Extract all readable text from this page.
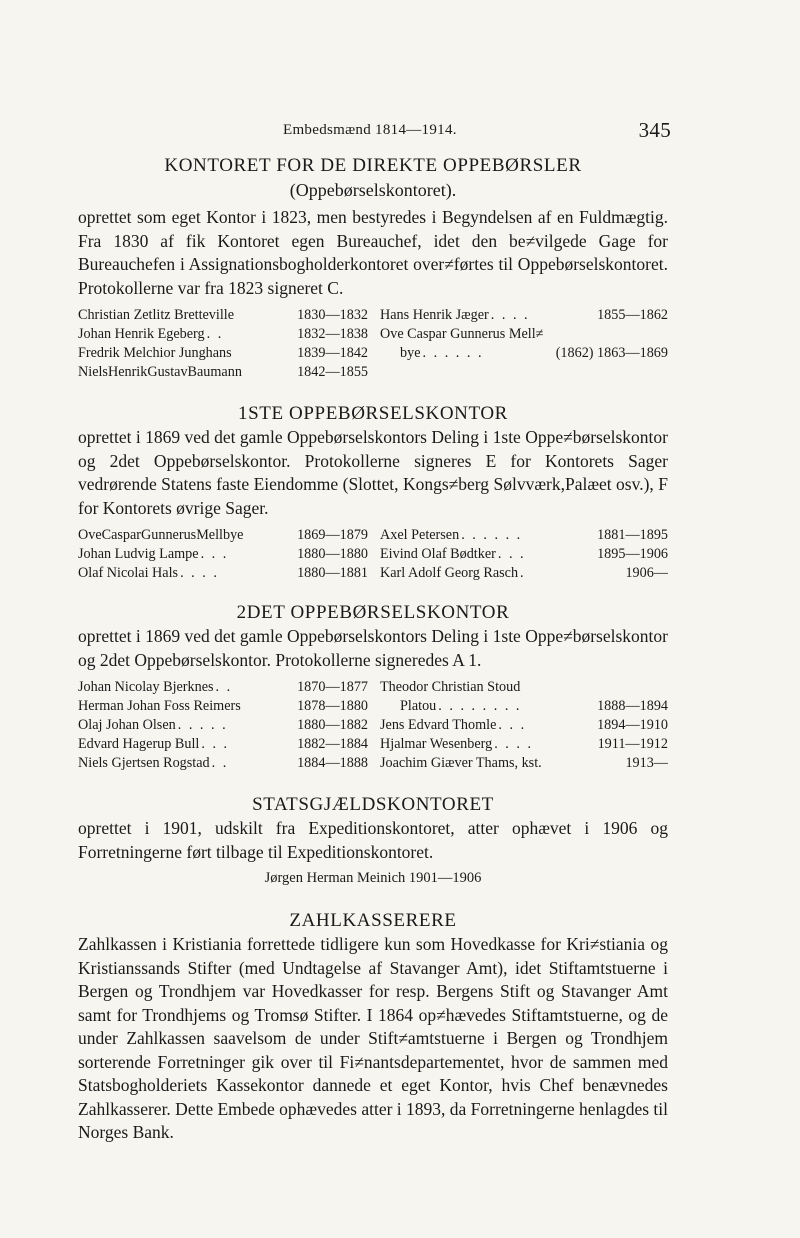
Embedsmænd 1814—1914.	345
KONTORET FOR DE DIREKTE OPPEBØRSLER
(Oppebørselskontoret).

oprettet som eget Kontor i 1823, men bestyredes i Begyndelsen af en Fuldmægtig. Fra 1830 af fik Kontoret egen Bureauchef, idet den be≠vilgede Gage for Bureauchefen i Assignationsbogholderkontoret over≠førtes til Oppebørselskontoret. Protokollerne var fra 1823 signeret C.

Christian Zetlitz Bretteville	1830—1832
Johan Henrik Egeberg . .	1832—1838
Fredrik Melchior Junghans	1839—1842
NielsHenrikGustavBaumann	1842—1855
Hans Henrik Jæger . . . .	1855—1862
Ove Caspar Gunnerus Mell≠
bye . . . . . .	(1862) 1863—1869
1STE OPPEBØRSELSKONTOR

oprettet i 1869 ved det gamle Oppebørselskontors Deling i 1ste Oppe≠børselskontor og 2det Oppebørselskontor. Protokollerne signeres E for Kontorets Sager vedrørende Statens faste Eiendomme (Slottet, Kongs≠berg Sølvværk,Palæet osv.), F for Kontorets øvrige Sager.

OveCasparGunnerusMellbye	1869—1879
Johan Ludvig Lampe . . .	1880—1880
Olaf Nicolai Hals . . . .	1880—1881
Axel Petersen . . . . . .	1881—1895
Eivind Olaf Bødtker . . .	1895—1906
Karl Adolf Georg Rasch .	1906—
2DET OPPEBØRSELSKONTOR

oprettet i 1869 ved det gamle Oppebørselskontors Deling i 1ste Oppe≠børselskontor og 2det Oppebørselskontor. Protokollerne signeredes A 1.

Johan Nicolay Bjerknes . .	1870—1877
Herman Johan Foss Reimers	1878—1880
Olaj Johan Olsen . . . . .	1880—1882
Edvard Hagerup Bull . . .	1882—1884
Niels Gjertsen Rogstad . .	1884—1888
Theodor Christian Stoud
Platou . . . . . . . .	1888—1894
Jens Edvard Thomle . . .	1894—1910
Hjalmar Wesenberg . . . .	1911—1912
Joachim Giæver Thams, kst.	1913—
STATSGJÆLDSKONTORET

oprettet i 1901, udskilt fra Expeditionskontoret, atter ophævet i 1906 og Forretningerne ført tilbage til Expeditionskontoret.

Jørgen Herman Meinich 1901—1906
ZAHLKASSERERE

Zahlkassen i Kristiania forrettede tidligere kun som Hovedkasse for Kri≠stiania og Kristianssands Stifter (med Undtagelse af Stavanger Amt), idet Stiftamtstuerne i Bergen og Trondhjem var Hovedkasser for resp. Bergens Stift og Stavanger Amt samt for Trondhjems og Tromsø Stifter. I 1864 op≠hævedes Stiftamtstuerne, og de under Zahlkassen saavelsom de under Stift≠amtstuerne i Bergen og Trondhjem sorterende Forretninger gik over til Fi≠nantsdepartementet, hvor de sammen med Statsbogholderiets Kassekontor dannede et eget Kontor, hvis Chef benævnedes Zahlkasserer. Dette Embede ophævedes atter i 1893, da Forretningerne henlagdes til Norges Bank.
